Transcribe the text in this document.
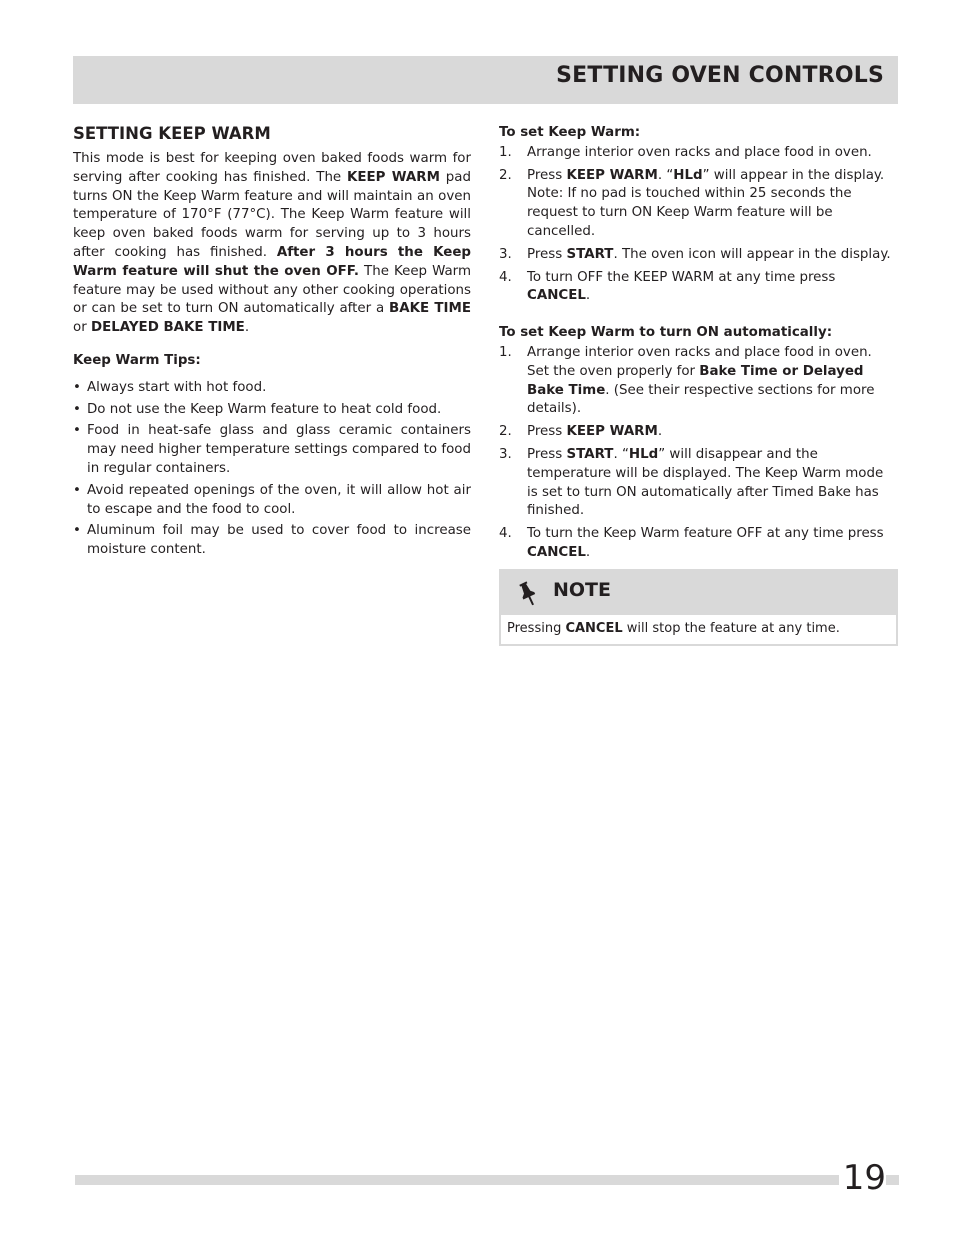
SETTING OVEN CONTROLS
SETTING KEEP WARM

This mode is best for keeping oven baked foods warm for serving after cooking has finished. The KEEP WARM pad turns ON the Keep Warm feature and will maintain an oven temperature of 170°F (77°C). The Keep Warm feature will keep oven baked foods warm for serving up to 3 hours after cooking has finished. After 3 hours the Keep Warm feature will shut the oven OFF. The Keep Warm feature may be used without any other cooking operations or can be set to turn ON automatically after a BAKE TIME or DELAYED BAKE TIME.

Keep Warm Tips:
• Always start with hot food.
• Do not use the Keep Warm feature to heat cold food.
• Food in heat-safe glass and glass ceramic containers may need higher temperature settings compared to food in regular containers.
• Avoid repeated openings of the oven, it will allow hot air to escape and the food to cool.
• Aluminum foil may be used to cover food to increase moisture content.
To set Keep Warm:
1. Arrange interior oven racks and place food in oven.
2. Press KEEP WARM. “HLd” will appear in the display. Note: If no pad is touched within 25 seconds the request to turn ON Keep Warm feature will be cancelled.
3. Press START. The oven icon will appear in the display.
4. To turn OFF the KEEP WARM at any time press CANCEL.
To set Keep Warm to turn ON automatically:
1. Arrange interior oven racks and place food in oven. Set the oven properly for Bake Time or Delayed Bake Time. (See their respective sections for more details).
2. Press KEEP WARM.
3. Press START. “HLd” will disappear and the temperature will be displayed. The Keep Warm mode is set to turn ON automatically after Timed Bake has finished.
4. To turn the Keep Warm feature OFF at any time press CANCEL.
NOTE
Pressing CANCEL will stop the feature at any time.
19
